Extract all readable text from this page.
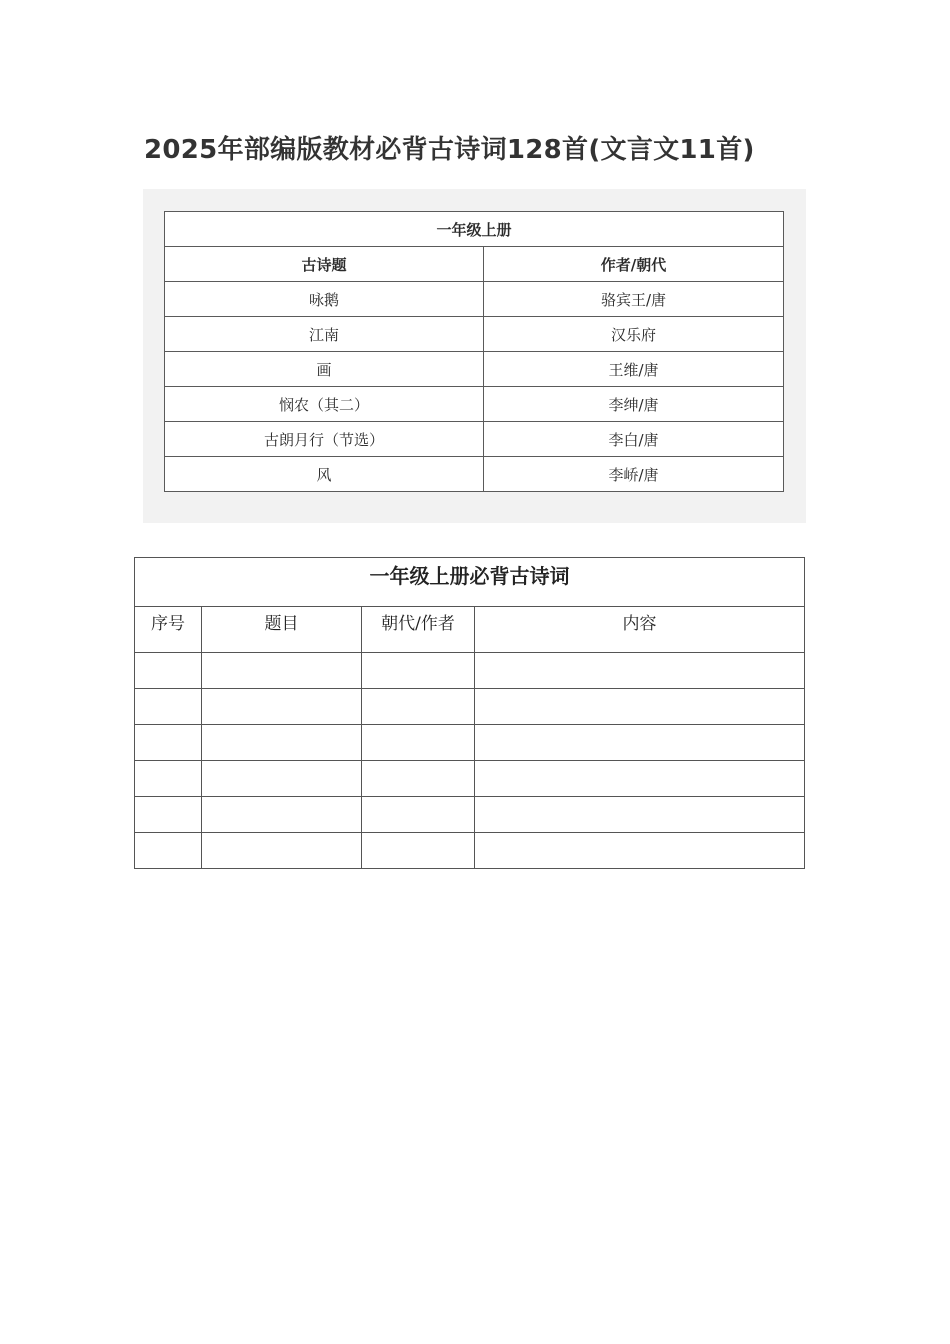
2025年部编版教材必背古诗词128首(文言文11首)
一年级上册	
古诗题	作者/朝代
咏鹅	骆宾王/唐
江南	汉乐府
画	王维/唐
悯农（其二）	李绅/唐
古朗月行（节选）	李白/唐
风	李峤/唐
一年级上册必背古诗词			
序号	题目	朝代/作者	内容
